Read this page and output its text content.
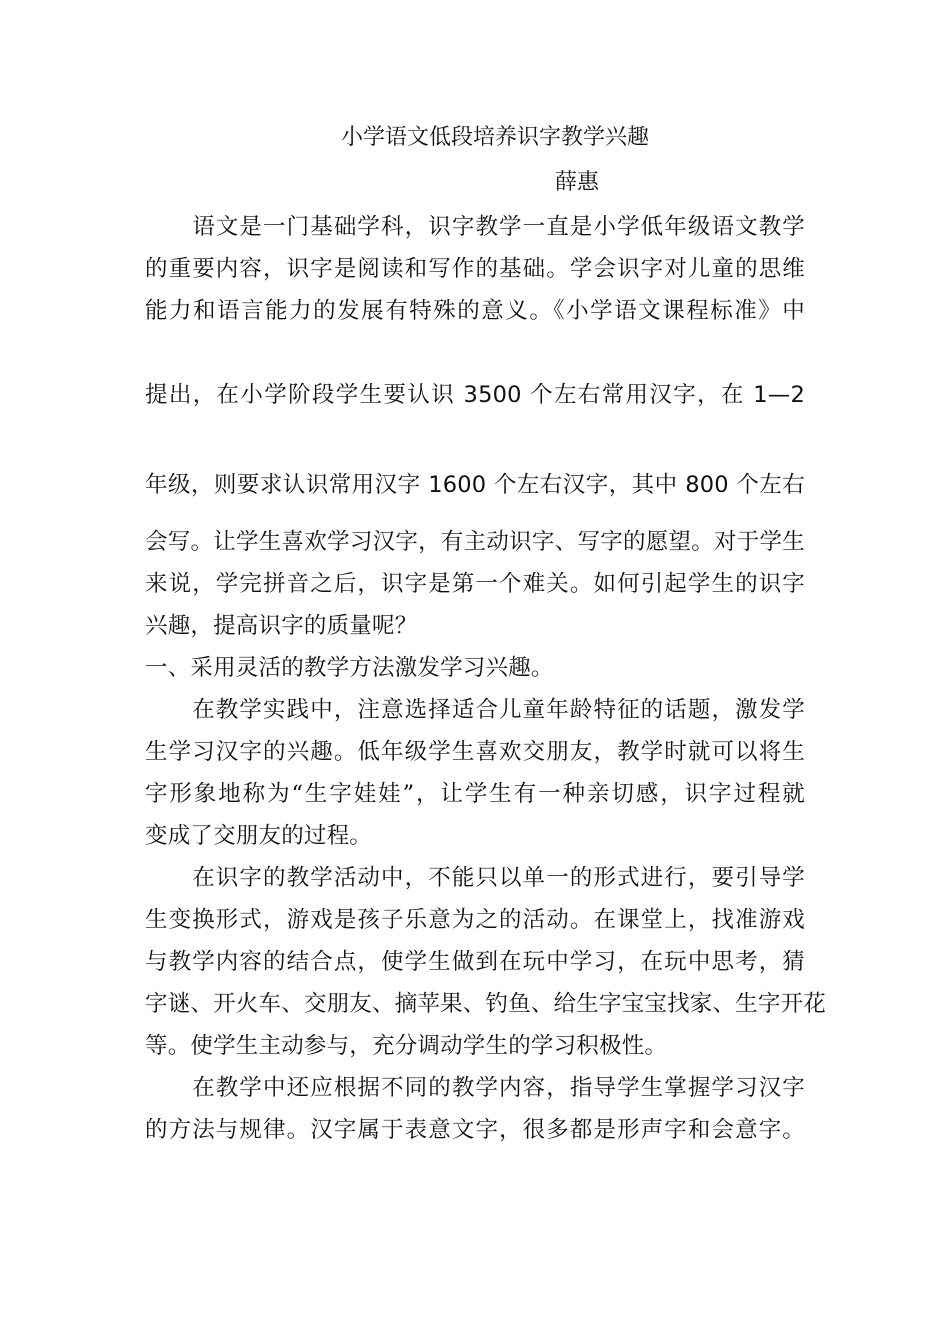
小学语文低段培养识字教学兴趣
薛惠
　　语文是一门基础学科，识字教学一直是小学低年级语文教学
的重要内容，识字是阅读和写作的基础。学会识字对儿童的思维
能力和语言能力的发展有特殊的意义。《小学语文课程标准》中
提出，在小学阶段学生要认识 3500 个左右常用汉字，在 1—2
年级，则要求认识常用汉字 1600 个左右汉字，其中 800 个左右
会写。让学生喜欢学习汉字，有主动识字、写字的愿望。对于学生
来说，学完拼音之后，识字是第一个难关。如何引起学生的识字
兴趣，提高识字的质量呢？
一、采用灵活的教学方法激发学习兴趣。
　　在教学实践中，注意选择适合儿童年龄特征的话题，激发学
生学习汉字的兴趣。低年级学生喜欢交朋友，教学时就可以将生
字形象地称为“生字娃娃”，让学生有一种亲切感，识字过程就
变成了交朋友的过程。
　　在识字的教学活动中，不能只以单一的形式进行，要引导学
生变换形式，游戏是孩子乐意为之的活动。在课堂上，找准游戏
与教学内容的结合点，使学生做到在玩中学习，在玩中思考，猜
字谜、开火车、交朋友、摘苹果、钓鱼、给生字宝宝找家、生字开花
等。使学生主动参与，充分调动学生的学习积极性。
　　在教学中还应根据不同的教学内容，指导学生掌握学习汉字
的方法与规律。汉字属于表意文字，很多都是形声字和会意字。
